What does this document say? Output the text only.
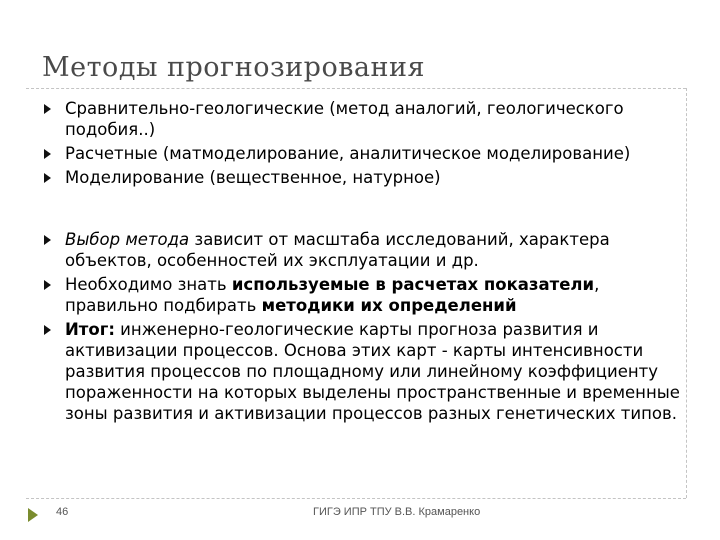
Методы прогнозирования
Сравнительно-геологические (метод аналогий, геологического подобия..)
Расчетные (матмоделирование, аналитическое моделирование)
Моделирование (вещественное, натурное)
Выбор метода зависит от масштаба исследований, характера объектов, особенностей их эксплуатации и др.
Необходимо знать используемые в расчетах показатели, правильно подбирать методики их определений
Итог: инженерно-геологические карты прогноза развития и активизации процессов. Основа этих карт - карты интенсивности развития процессов по площадному или линейному коэффициенту пораженности на которых выделены пространственные и временные зоны развития и активизации процессов разных генетических типов.
46	ГИГЭ ИПР ТПУ В.В. Крамаренко
